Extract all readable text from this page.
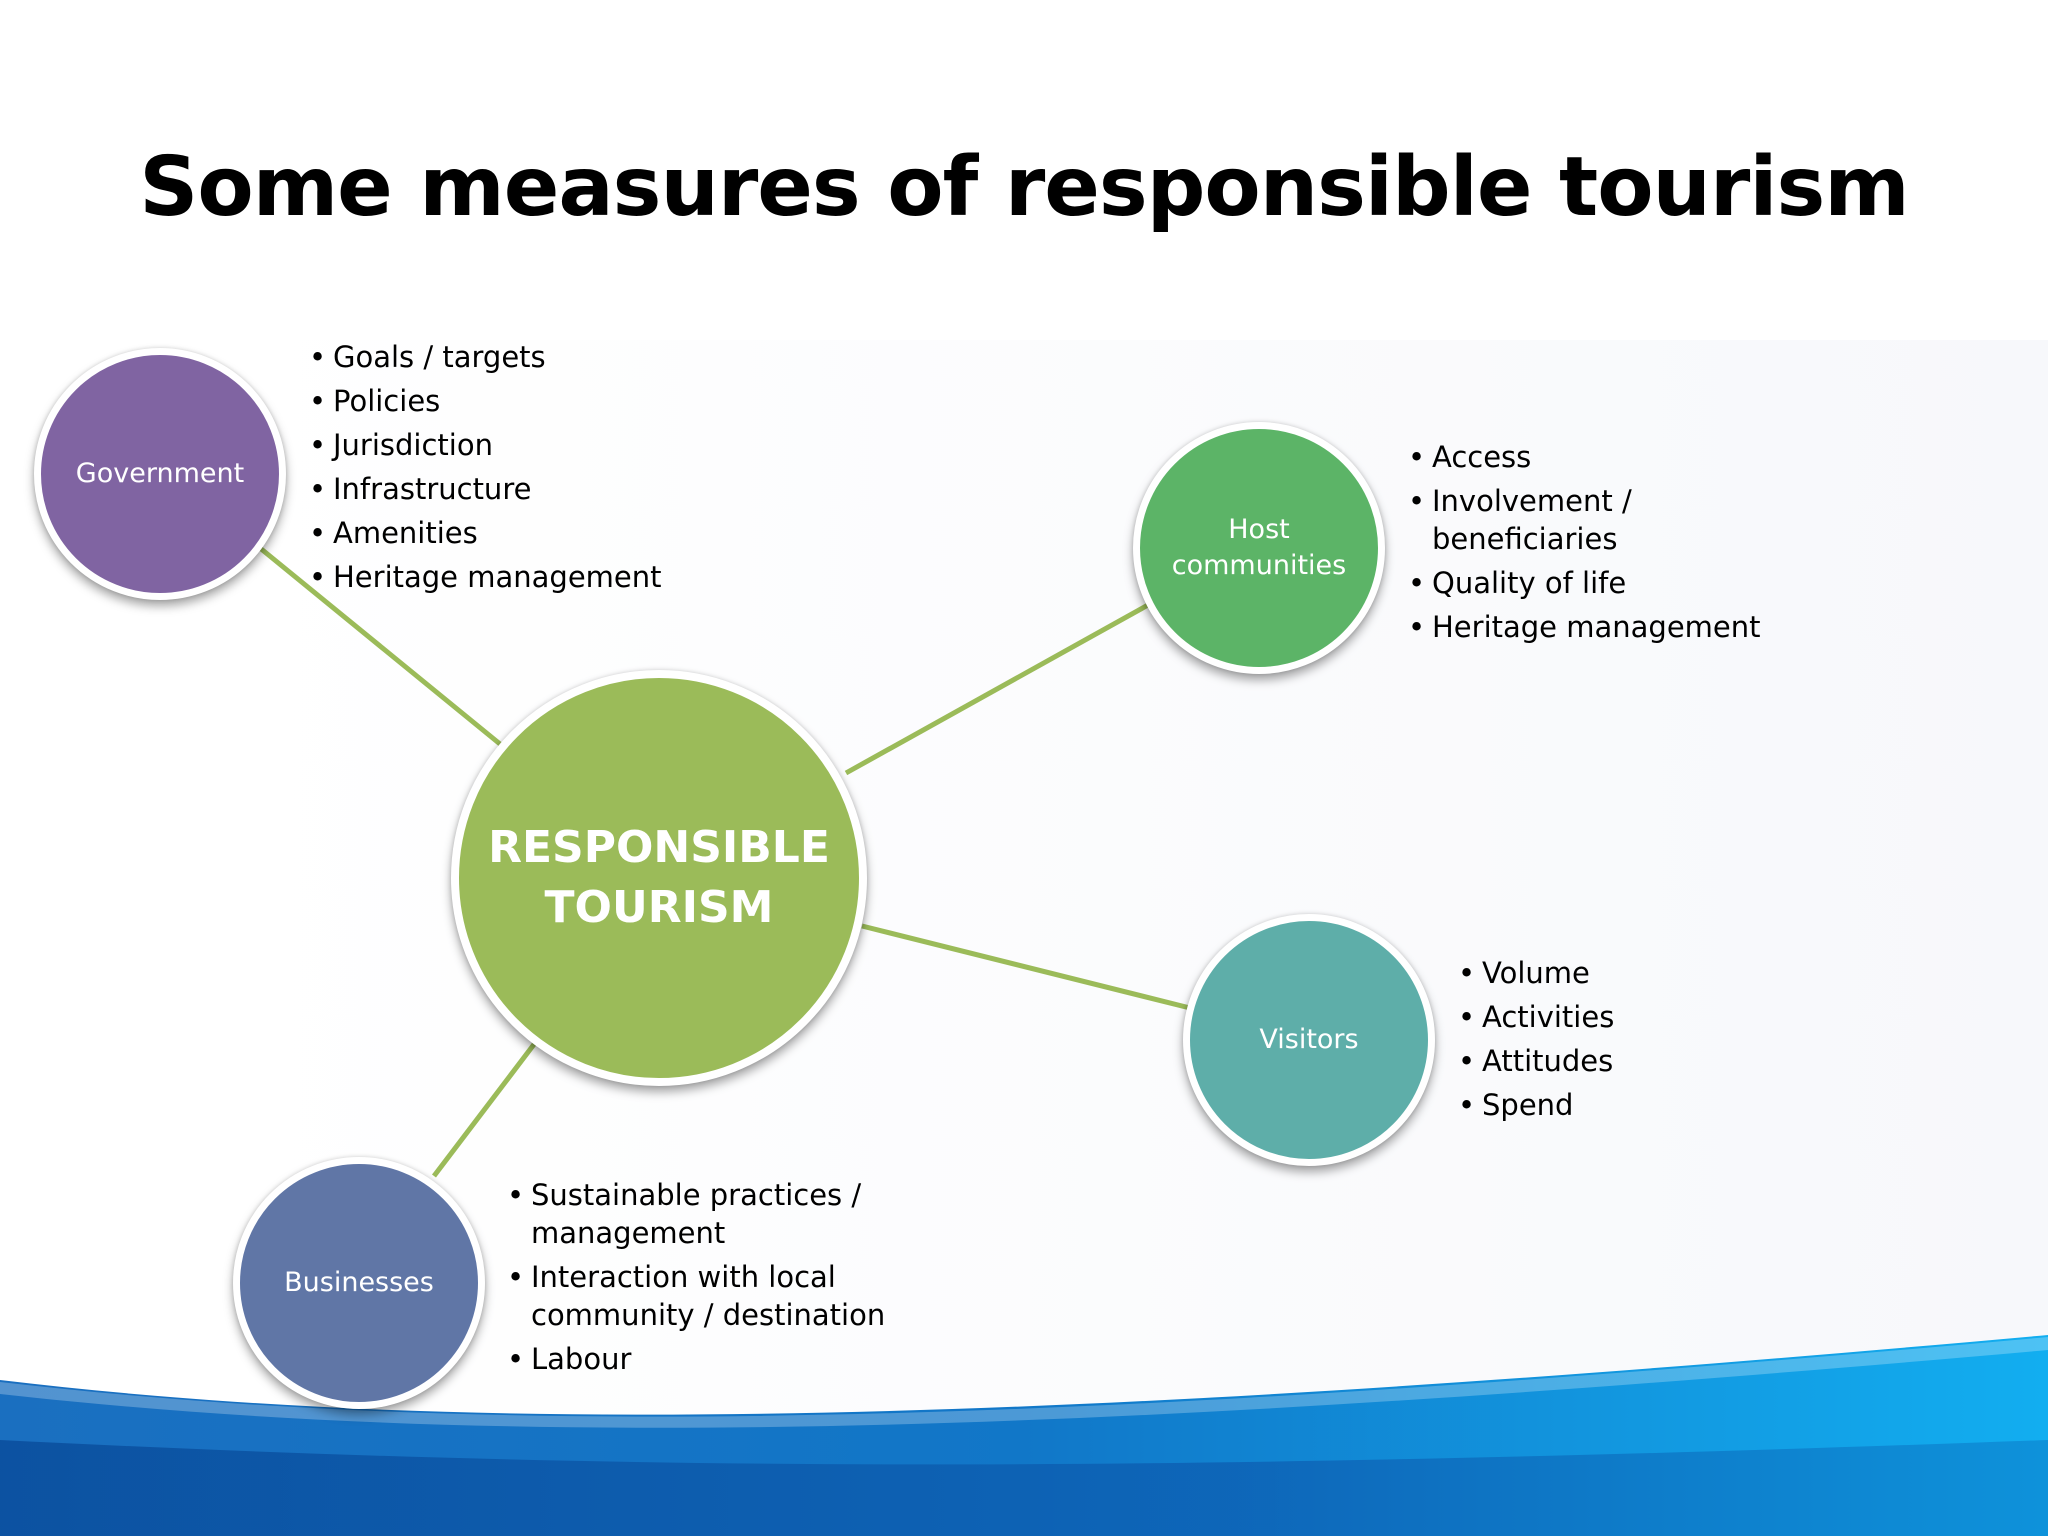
Some measures of responsible tourism
Government
• Goals / targets
• Policies
• Jurisdiction
• Infrastructure
• Amenities
• Heritage management
Host
communities
• Access
• Involvement /
beneficiaries
• Quality of life
• Heritage management
RESPONSIBLE
TOURISM
Visitors
• Volume
• Activities
• Attitudes
• Spend
Businesses
• Sustainable practices /
management
• Interaction with local
community / destination
• Labour
